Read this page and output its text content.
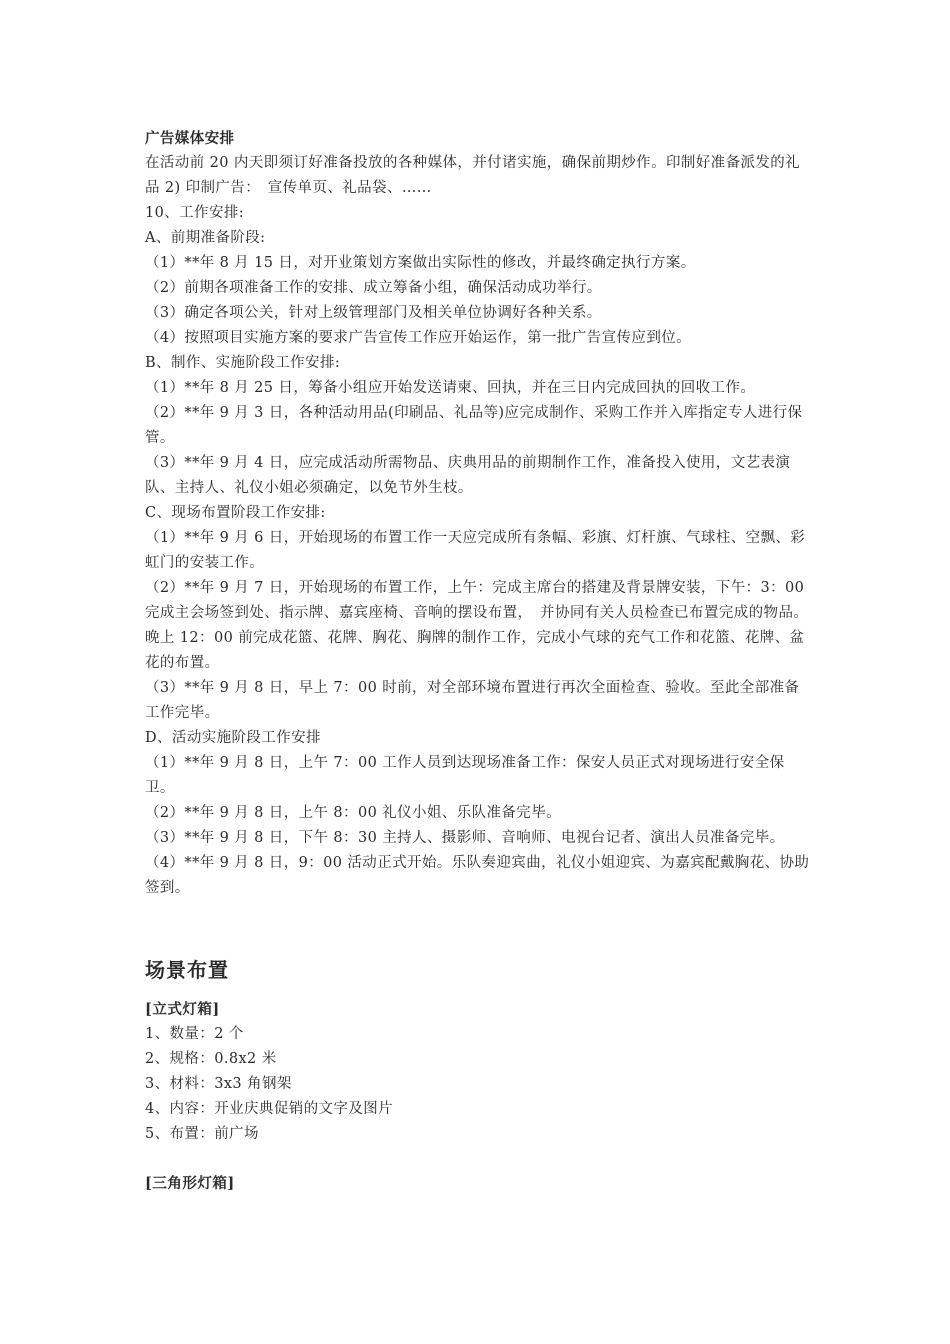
广告媒体安排

在活动前 20 内天即须订好准备投放的各种媒体，并付诸实施，确保前期炒作。印制好准备派发的礼品 2) 印制广告：　宣传单页、礼品袋、……

10、工作安排:

A、前期准备阶段:

（1）**年 8 月 15 日，对开业策划方案做出实际性的修改，并最终确定执行方案。

（2）前期各项准备工作的安排、成立筹备小组，确保活动成功举行。

（3）确定各项公关，针对上级管理部门及相关单位协调好各种关系。

（4）按照项目实施方案的要求广告宣传工作应开始运作，第一批广告宣传应到位。

B、制作、实施阶段工作安排:

（1）**年 8 月 25 日，筹备小组应开始发送请柬、回执，并在三日内完成回执的回收工作。

（2）**年 9 月 3 日，各种活动用品(印刷品、礼品等)应完成制作、采购工作并入库指定专人进行保管。

（3）**年 9 月 4 日，应完成活动所需物品、庆典用品的前期制作工作，准备投入使用，文艺表演队、主持人、礼仪小姐必须确定，以免节外生枝。

C、现场布置阶段工作安排:

（1）**年 9 月 6 日，开始现场的布置工作一天应完成所有条幅、彩旗、灯杆旗、气球柱、空飘、彩虹门的安装工作。

（2）**年 9 月 7 日，开始现场的布置工作，上午：完成主席台的搭建及背景牌安装，下午：3：00 完成主会场签到处、指示牌、嘉宾座椅、音响的摆设布置，　并协同有关人员检查已布置完成的物品。晚上 12：00 前完成花篮、花牌、胸花、胸牌的制作工作，完成小气球的充气工作和花篮、花牌、盆花的布置。

（3）**年 9 月 8 日，早上 7：00 时前，对全部环境布置进行再次全面检查、验收。至此全部准备工作完毕。

D、活动实施阶段工作安排

（1）**年 9 月 8 日，上午 7：00 工作人员到达现场准备工作：保安人员正式对现场进行安全保卫。

（2）**年 9 月 8 日，上午 8：00 礼仪小姐、乐队准备完毕。

（3）**年 9 月 8 日，下午 8：30 主持人、摄影师、音响师、电视台记者、演出人员准备完毕。

（4）**年 9 月 8 日，9：00 活动正式开始。乐队奏迎宾曲，礼仪小姐迎宾、为嘉宾配戴胸花、协助签到。

场景布置
[立式灯箱]

1、数量：2 个

2、规格：0.8x2 米

3、材料：3x3 角钢架

4、内容：开业庆典促销的文字及图片

5、布置：前广场

[三角形灯箱]
